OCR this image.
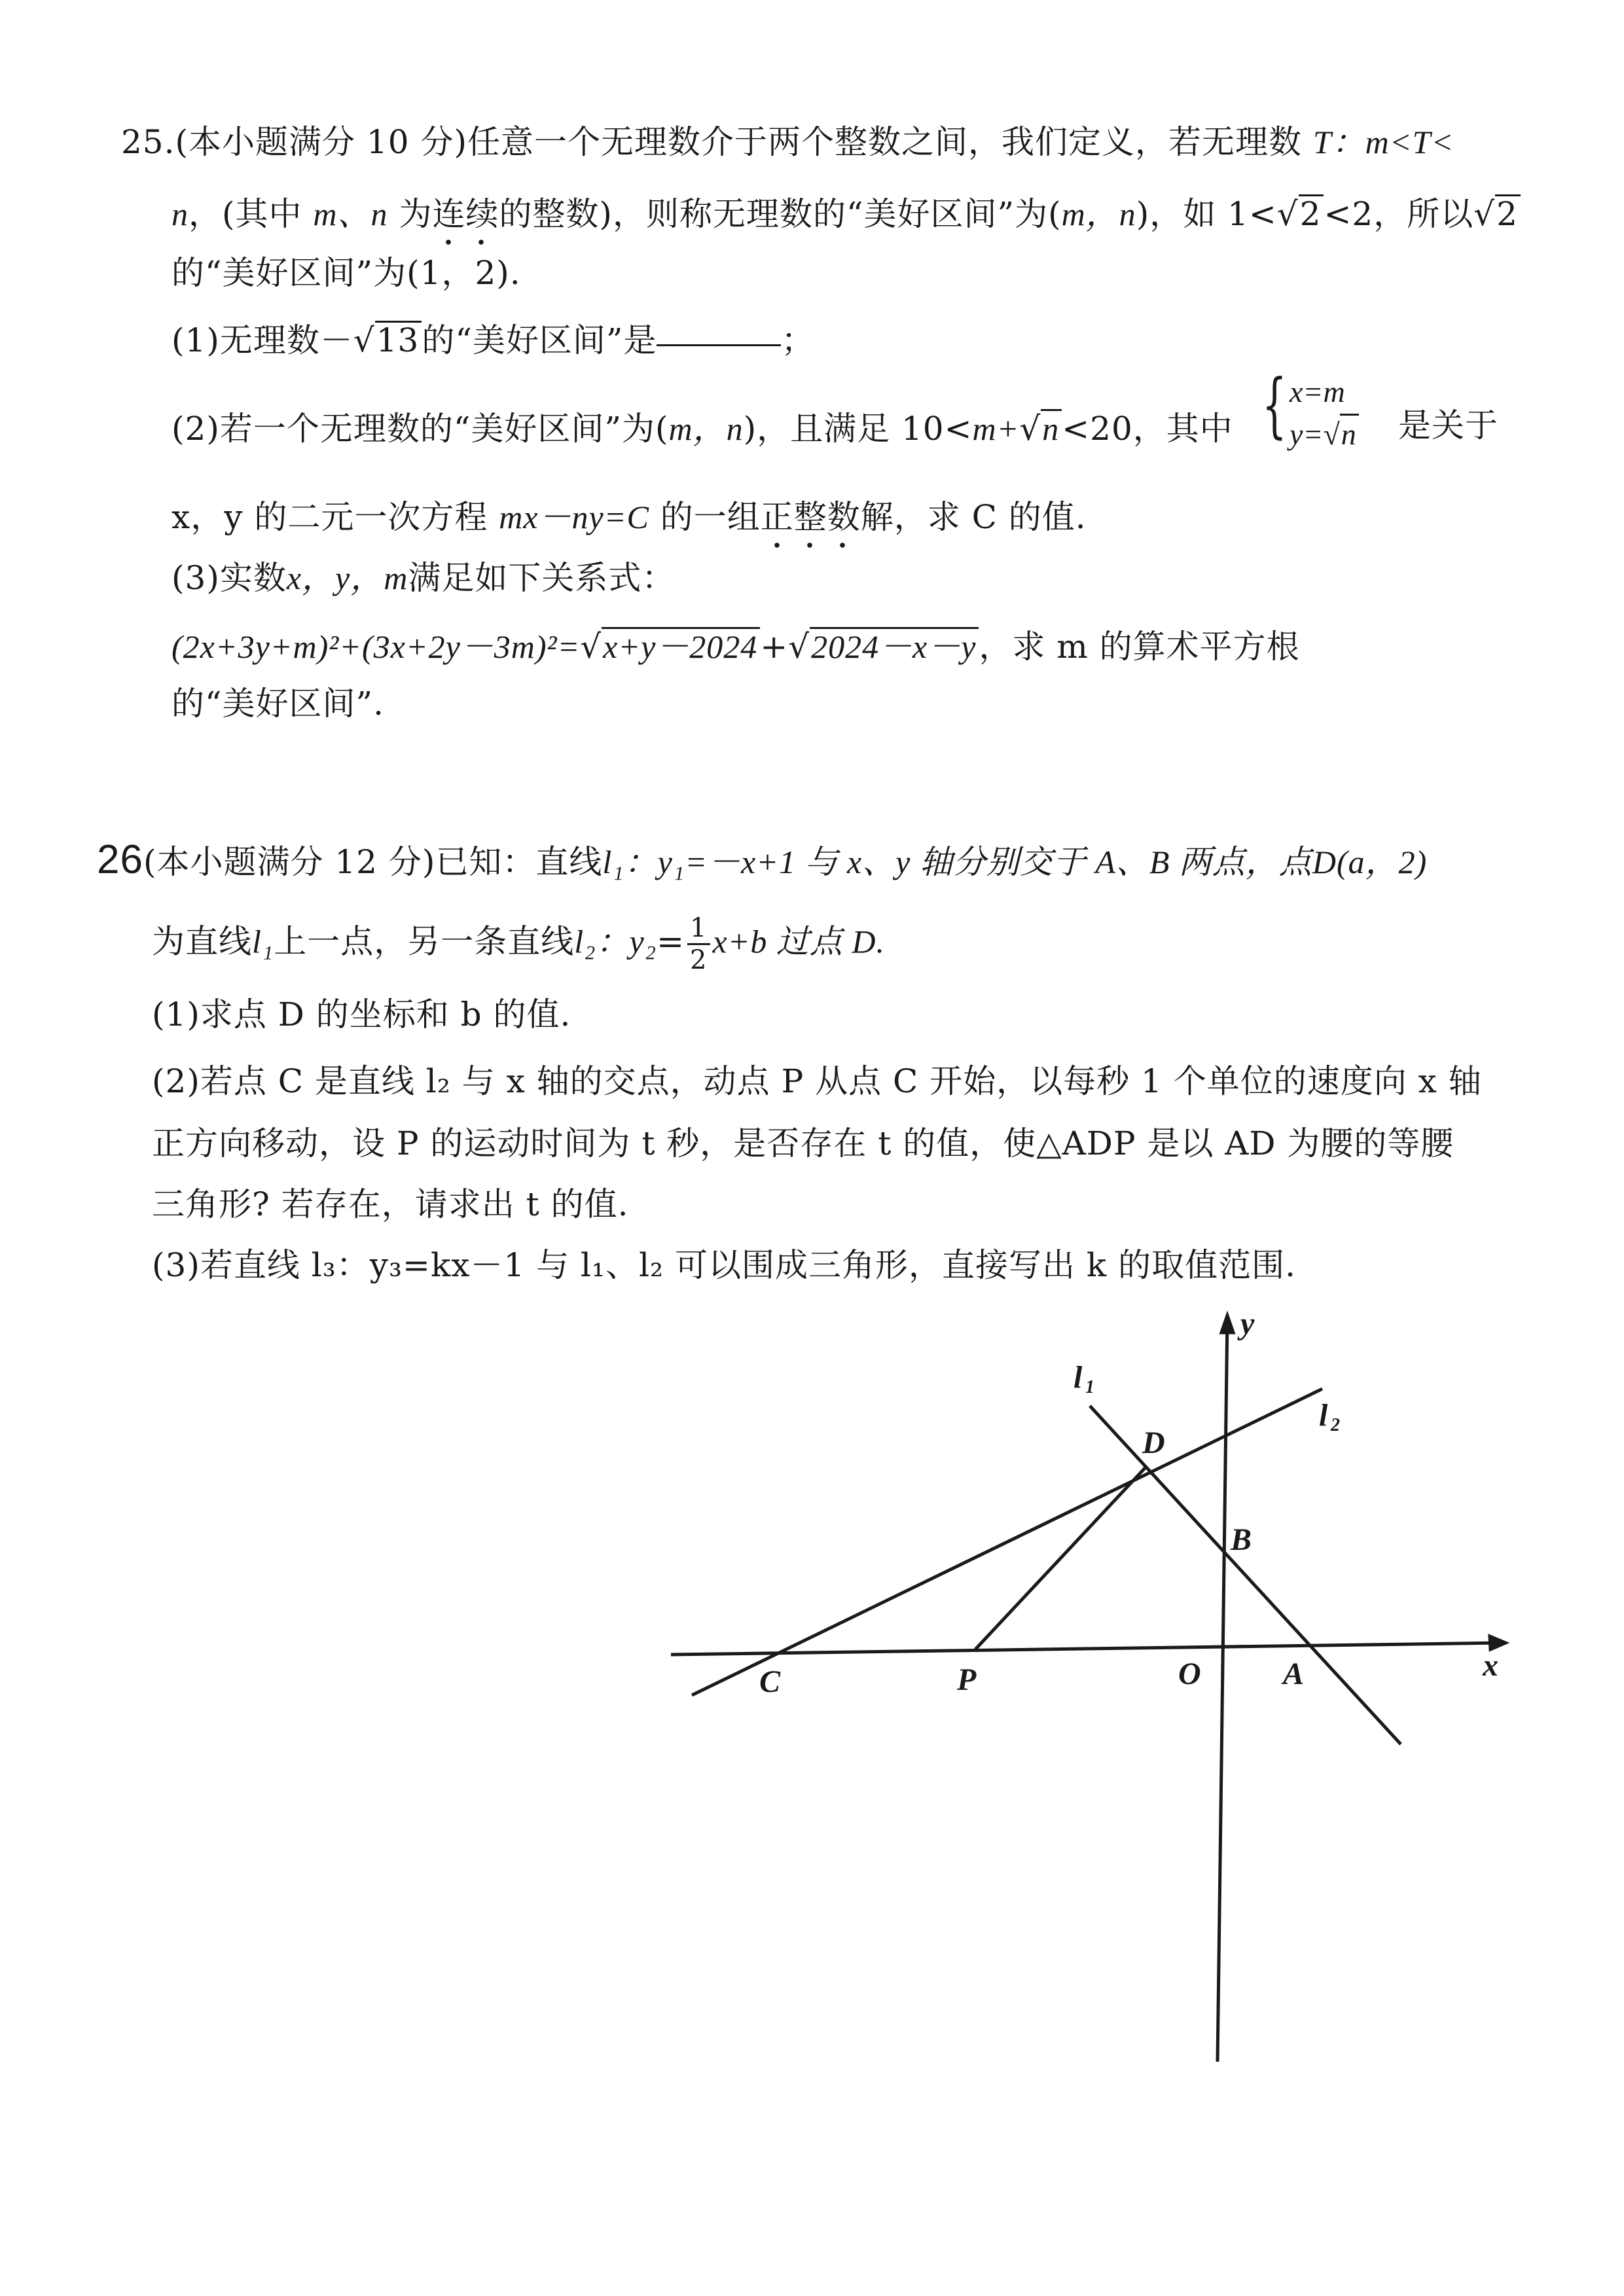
25.(本小题满分 10 分)任意一个无理数介于两个整数之间，我们定义，若无理数 T：m<T<
n，(其中 m、n 为连续的整数)，则称无理数的“美好区间”为(m，n)，如 1<√2<2，所以√2
的“美好区间”为(1，2).
(1)无理数－√13的“美好区间”是	；
(2)若一个无理数的“美好区间”为(m，n)，且满足 10<m+√n<20，其中 { x=m
y=√n 是关于
x，y 的二元一次方程 mx－ny=C 的一组正整数解，求 C 的值.
(3)实数x，y，m满足如下关系式：
(2x+3y+m)²+(3x+2y－3m)²=√x+y－2024+√2024－x－y，求 m 的算术平方根
的“美好区间”.
26(本小题满分 12 分)已知：直线l₁：y₁=－x+1 与 x、y 轴分别交于 A、B 两点，点D(a，2)
为直线l₁上一点，另一条直线l₂：$y_2= \frac{1}{2} x+b$ 过点 D.
(1)求点 D 的坐标和 b 的值.
(2)若点 C 是直线 l₂ 与 x 轴的交点，动点 P 从点 C 开始，以每秒 1 个单位的速度向 x 轴
正方向移动，设 P 的运动时间为 t 秒，是否存在 t 的值，使△ADP 是以 AD 为腰的等腰
三角形? 若存在，请求出 t 的值.
(3)若直线 l₃：y₃=kx－1 与 l₁、l₂ 可以围成三角形，直接写出 k 的取值范围.
y
x
l 1
l 2
D
B
C	P	O	A
